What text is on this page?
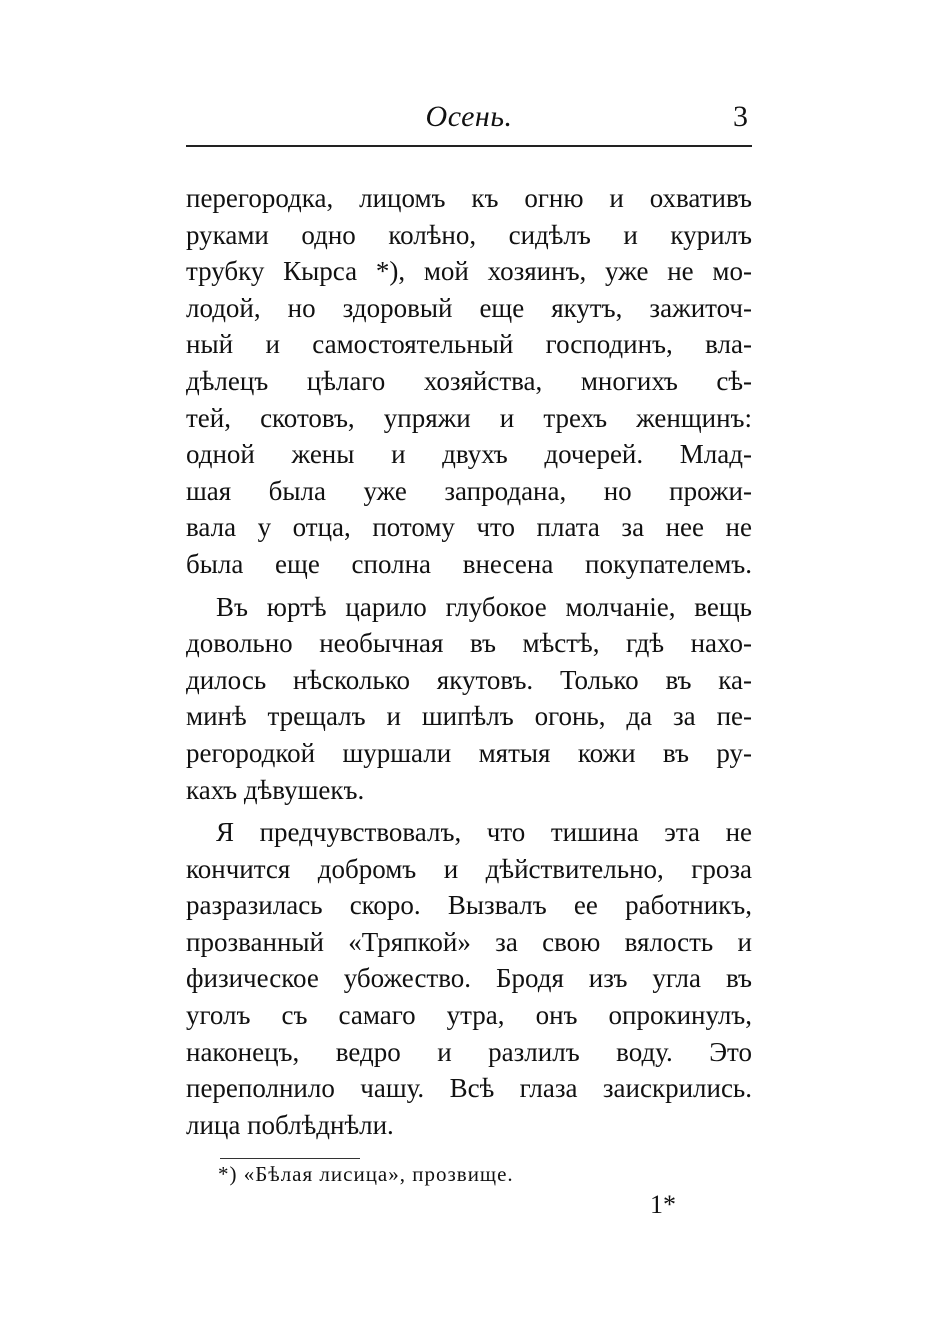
Осень.	3
перегородка, лицомъ къ огню и охвативъ
руками одно колѣно, сидѣлъ и курилъ
трубку Кырса *), мой хозяинъ, уже не мо-
лодой, но здоровый еще якутъ, зажиточ-
ный и самостоятельный господинъ, вла-
дѣлецъ цѣлаго хозяйства, многихъ сѣ-
тей, скотовъ, упряжи и трехъ женщинъ:
одной жены и двухъ дочерей. Млад-
шая была уже запродана, но прожи-
вала у отца, потому что плата за нее не
была еще сполна внесена покупателемъ.
Въ юртѣ царило глубокое молчаніе, вещь
довольно необычная въ мѣстѣ, гдѣ нахо-
дилось нѣсколько якутовъ. Только въ ка-
минѣ трещалъ и шипѣлъ огонь, да за пе-
регородкой шуршали мятыя кожи въ ру-
кахъ дѣвушекъ.
Я предчувствовалъ, что тишина эта не
кончится добромъ и дѣйствительно, гроза
разразилась скоро. Вызвалъ ее работникъ,
прозванный «Тряпкой» за свою вялость и
физическое убожество. Бродя изъ угла въ
уголъ съ самаго утра, онъ опрокинулъ,
наконецъ, ведро и разлилъ воду. Это
переполнило чашу. Всѣ глаза заискрились.
лица поблѣднѣли.
*) «Бѣлая лисица», прозвище.
1*
